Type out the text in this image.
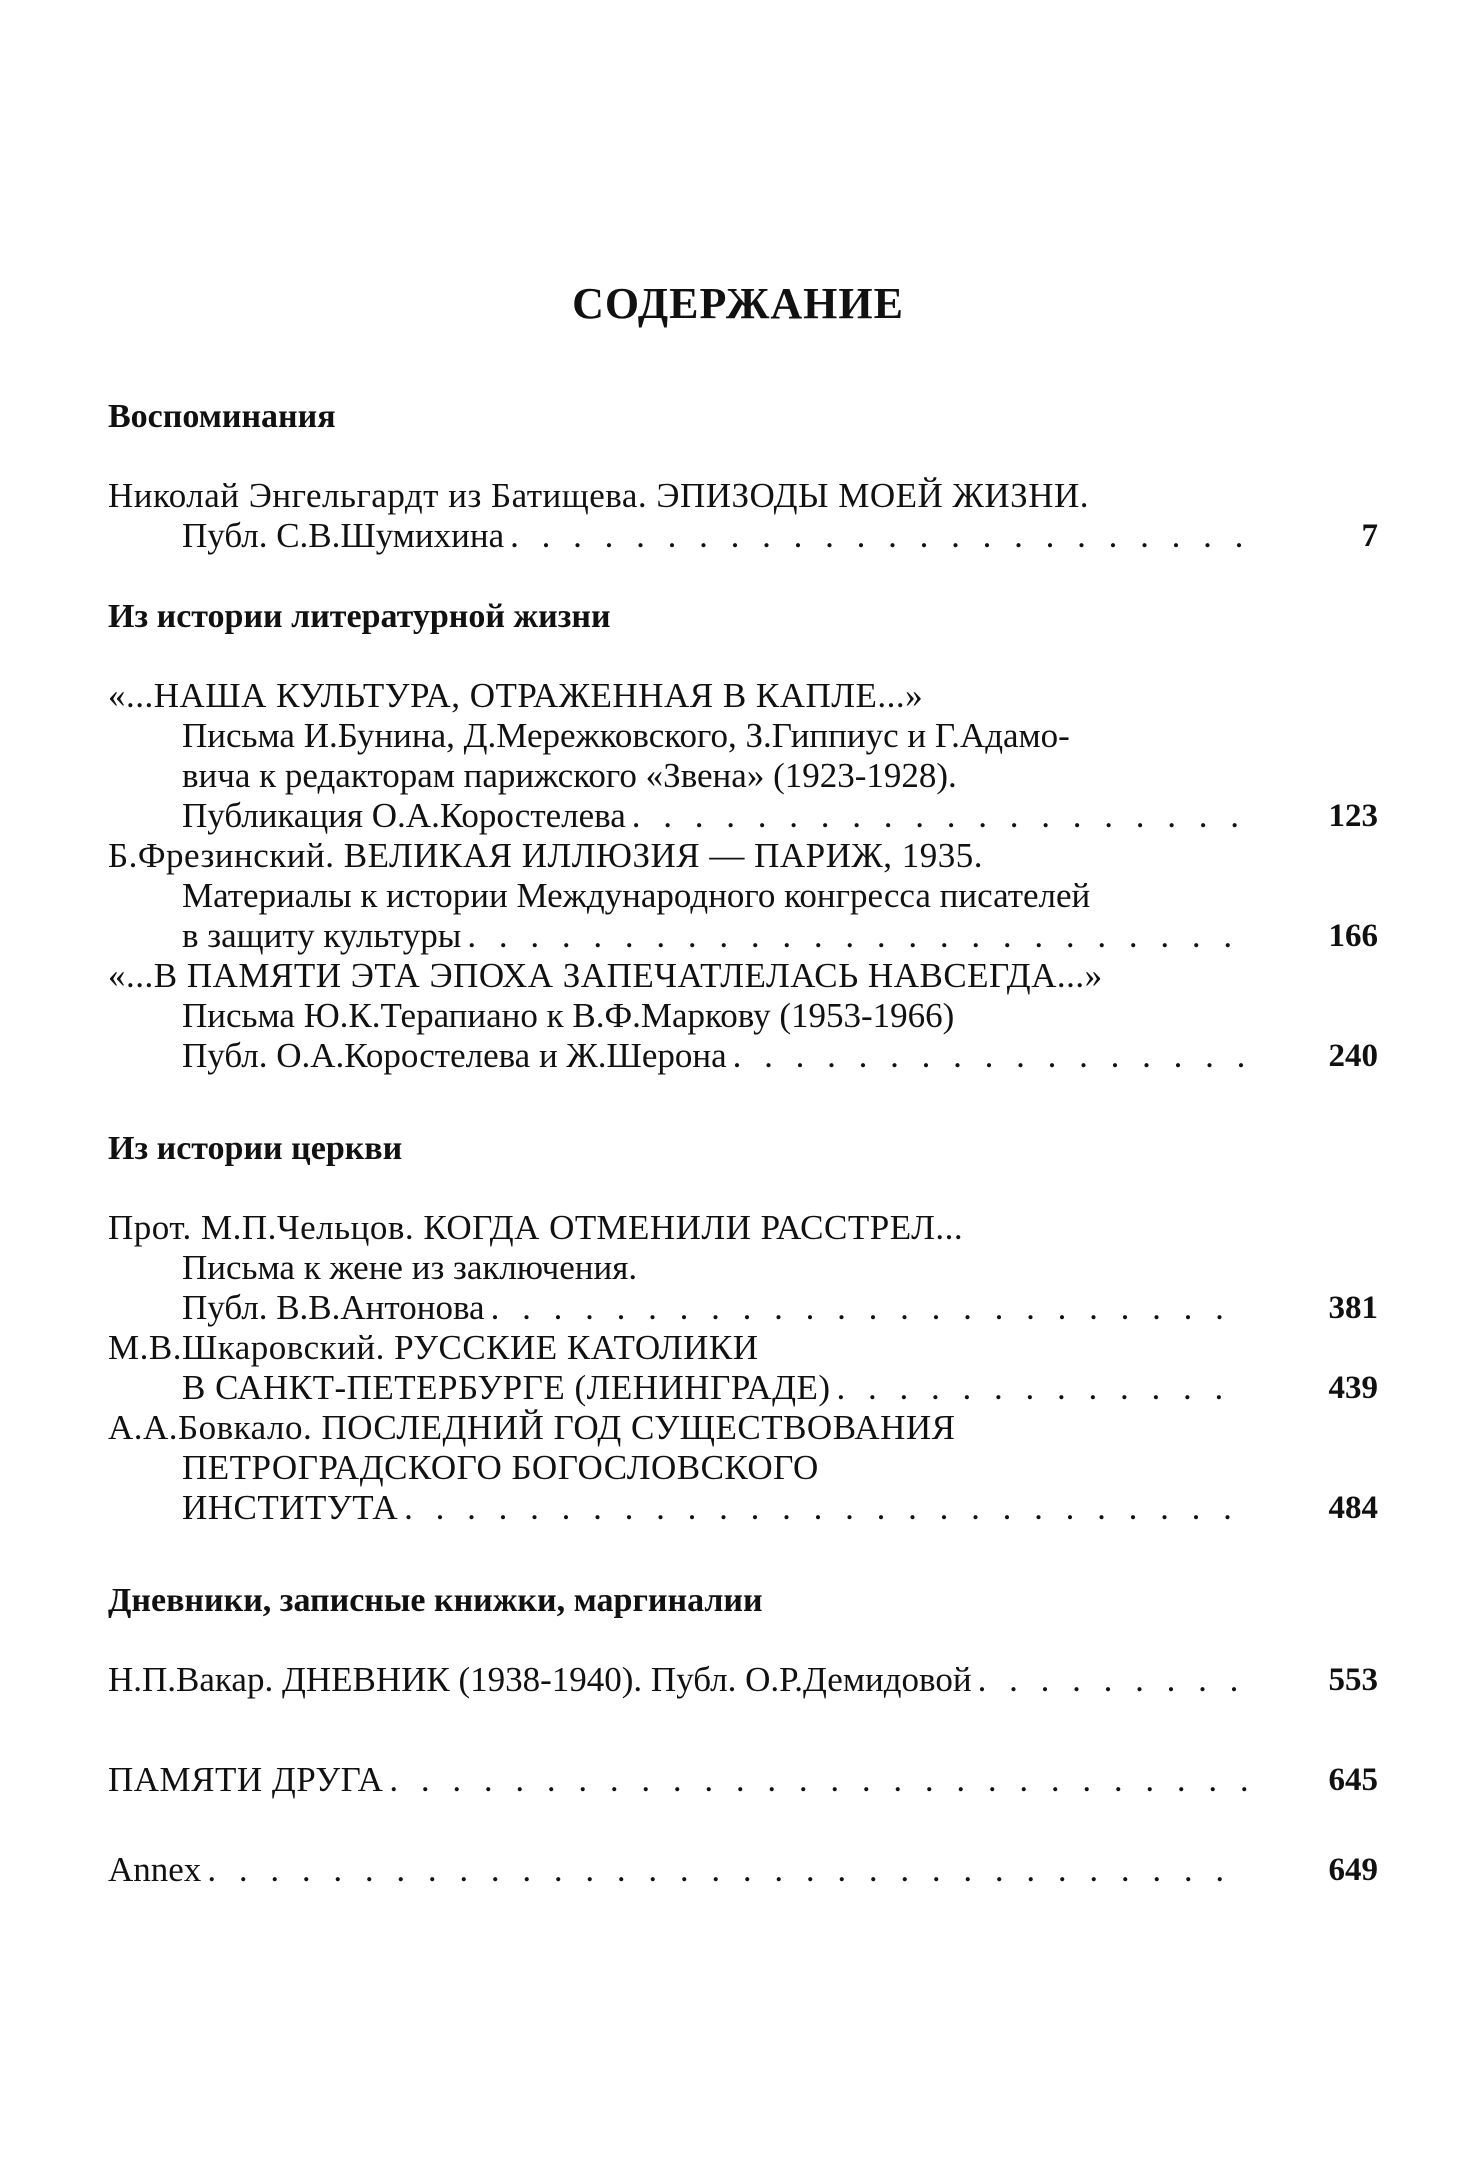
СОДЕРЖАНИЕ
Воспоминания
Николай Энгельгардт из Батищева. ЭПИЗОДЫ МОЕЙ ЖИЗНИ.
Публ. С.В.Шумихина . . .	7
Из истории литературной жизни
«...НАША КУЛЬТУРА, ОТРАЖЕННАЯ В КАПЛЕ...»
Письма И.Бунина, Д.Мережковского, З.Гиппиус и Г.Адамо-
вича к редакторам парижского «Звена» (1923-1928).
Публикация О.А.Коростелева . . .	123
Б.Фрезинский. ВЕЛИКАЯ ИЛЛЮЗИЯ — ПАРИЖ, 1935.
Материалы к истории Международного конгресса писателей
в защиту культуры . . .	166
«...В ПАМЯТИ ЭТА ЭПОХА ЗАПЕЧАТЛЕЛАСЬ НАВСЕГДА...»
Письма Ю.К.Терапиано к В.Ф.Маркову (1953-1966)
Публ. О.А.Коростелева и Ж.Шерона . . .	240
Из истории церкви
Прот. М.П.Чельцов. КОГДА ОТМЕНИЛИ РАССТРЕЛ...
Письма к жене из заключения.
Публ. В.В.Антонова . . .	381
М.В.Шкаровский. РУССКИЕ КАТОЛИКИ
В САНКТ-ПЕТЕРБУРГЕ (ЛЕНИНГРАДЕ) . . .	439
А.А.Бовкало. ПОСЛЕДНИЙ ГОД СУЩЕСТВОВАНИЯ
ПЕТРОГРАДСКОГО БОГОСЛОВСКОГО
ИНСТИТУТА . . .	484
Дневники, записные книжки, маргиналии
Н.П.Вакар. ДНЕВНИК (1938-1940). Публ. О.Р.Демидовой . . .	553
ПАМЯТИ ДРУГА . . .	645
Annex . . .	649
